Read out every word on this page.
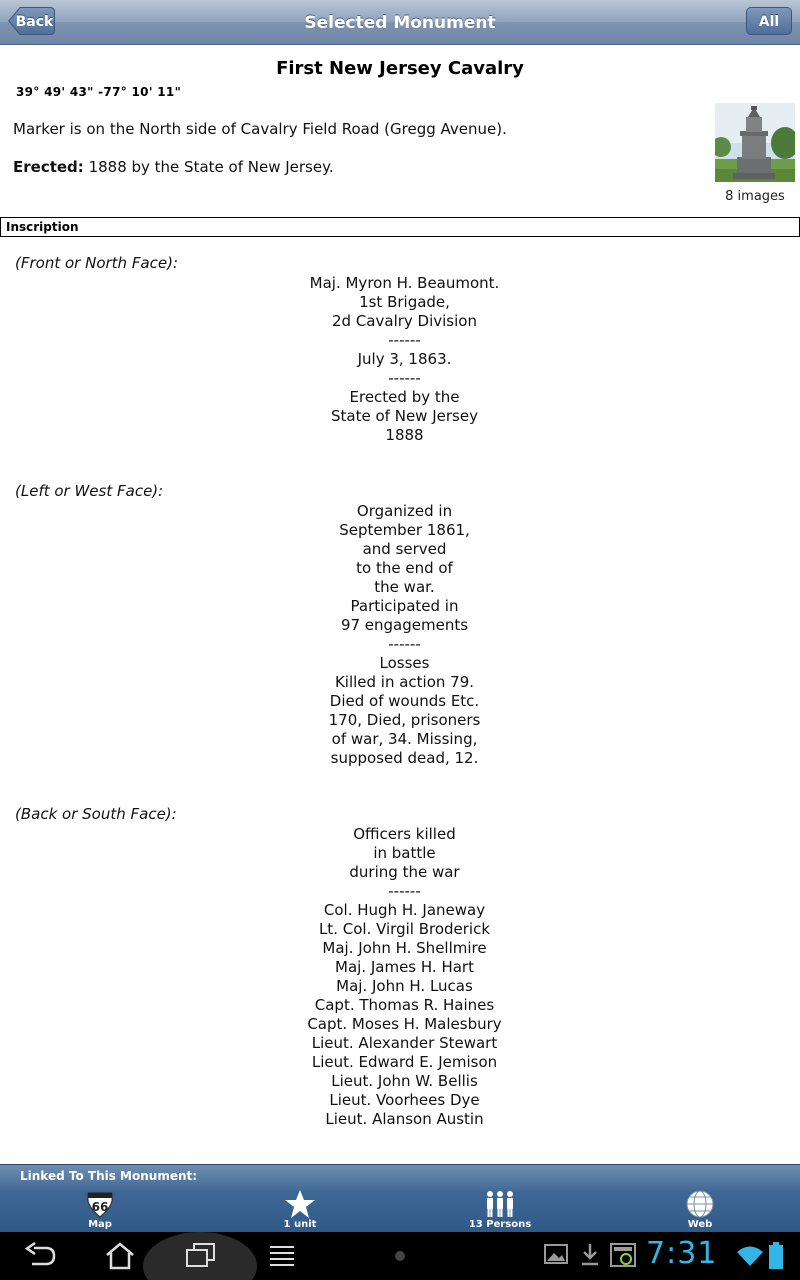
Back	Selected Monument	All
First New Jersey Cavalry
39° 49' 43" -77° 10' 11"
Marker is on the North side of Cavalry Field Road (Gregg Avenue).
Erected: 1888 by the State of New Jersey.
8 images
Inscription
(Front or North Face):
Maj. Myron H. Beaumont.
1st Brigade,
2d Cavalry Division
------
July 3, 1863.
------
Erected by the
State of New Jersey
1888
(Left or West Face):
Organized in
September 1861,
and served
to the end of
the war.
Participated in
97 engagements
------
Losses
Killed in action 79.
Died of wounds Etc.
170, Died, prisoners
of war, 34. Missing,
supposed dead, 12.
(Back or South Face):
Officers killed
in battle
during the war
------
Col. Hugh H. Janeway
Lt. Col. Virgil Broderick
Maj. John H. Shellmire
Maj. James H. Hart
Maj. John H. Lucas
Capt. Thomas R. Haines
Capt. Moses H. Malesbury
Lieut. Alexander Stewart
Lieut. Edward E. Jemison
Lieut. John W. Bellis
Lieut. Voorhees Dye
Lieut. Alanson Austin
Linked To This Monument:
66
Map	1 unit	13 Persons	Web
7:31
